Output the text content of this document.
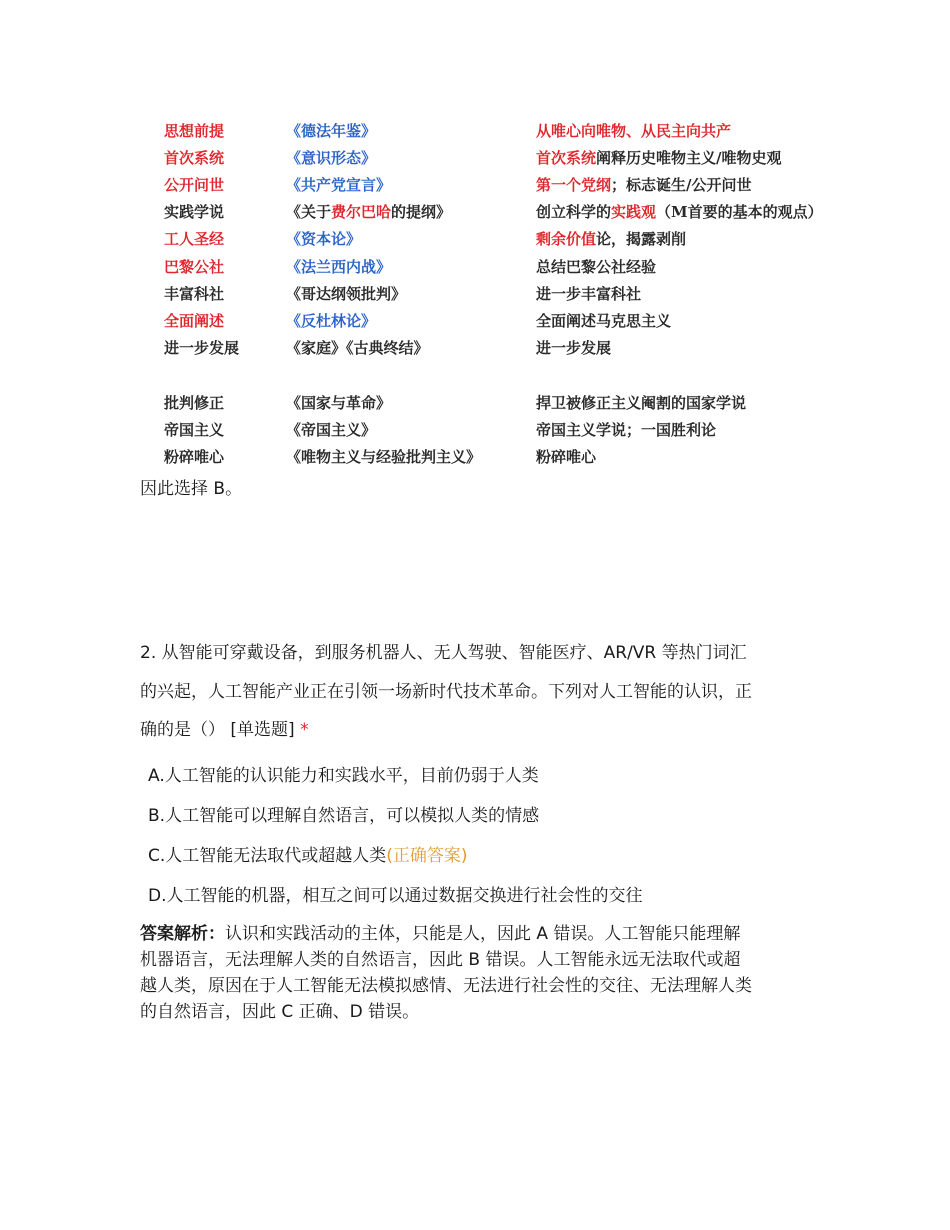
思想前提	《德法年鉴》	从唯心向唯物、从民主向共产
首次系统	《意识形态》	首次系统阐释历史唯物主义/唯物史观
公开问世	《共产党宣言》	第一个党纲；标志诞生/公开问世
实践学说	《关于费尔巴哈的提纲》	创立科学的实践观（M首要的基本的观点）
工人圣经	《资本论》	剩余价值论，揭露剥削
巴黎公社	《法兰西内战》	总结巴黎公社经验
丰富科社	《哥达纲领批判》	进一步丰富科社
全面阐述	《反杜林论》	全面阐述马克思主义
进一步发展	《家庭》《古典终结》	进一步发展
批判修正	《国家与革命》	捍卫被修正主义阉割的国家学说
帝国主义	《帝国主义》	帝国主义学说；一国胜利论
粉碎唯心	《唯物主义与经验批判主义》	粉碎唯心
因此选择 B。
2. 从智能可穿戴设备，到服务机器人、无人驾驶、智能医疗、AR/VR 等热门词汇
的兴起，人工智能产业正在引领一场新时代技术革命。下列对人工智能的认识，正
确的是（） [单选题] *
A.人工智能的认识能力和实践水平，目前仍弱于人类
B.人工智能可以理解自然语言，可以模拟人类的情感
C.人工智能无法取代或超越人类(正确答案)
D.人工智能的机器，相互之间可以通过数据交换进行社会性的交往
答案解析：认识和实践活动的主体，只能是人，因此 A 错误。人工智能只能理解
机器语言，无法理解人类的自然语言，因此 B 错误。人工智能永远无法取代或超
越人类，原因在于人工智能无法模拟感情、无法进行社会性的交往、无法理解人类
的自然语言，因此 C 正确、D 错误。
